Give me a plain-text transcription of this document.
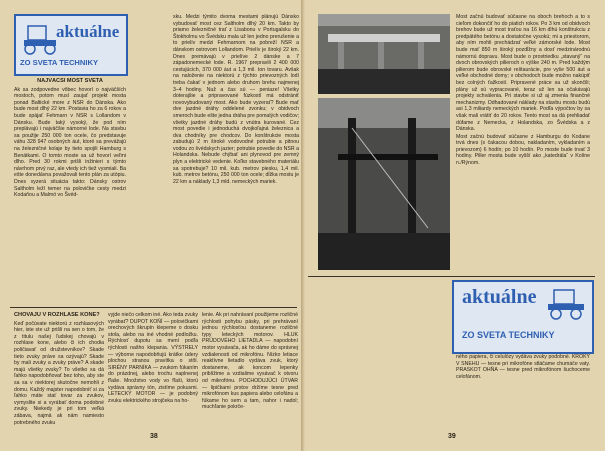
aktuálne
ZO SVETA TECHNIKY
NAJVÄČŠÍ MOST SVETA

Ak sa zodpovedne vôbec hovorí o najväčších mostoch, potom musí zaujať projekt mosta ponad Baltické more z NSR do Dánska. Ako bude most dlhý 22 km. Postavia ho za 6 rokov a bude spájať Fehmarn v NSR s Lollandom v Dánsku. Bude taký vysoký, že pod ním preplávajú i najväčšie námorné lode. Na stavbu sa použije 250 000 ton ocele, čo predstavuje váhu 328 947 osobných áut, ktoré sa prevážajú na železničné kolaje by tieto spojili Hamburg s Benátkami. O tomto moste sa už hovorí veľmi dlho. Pred 30 rokmi prišli inžinieri s týmto návrhom prvý raz, ale vtedy ich tiež vysmiali. Ba ešte donedávna považovali tento plán za utópiu. Dnes vyzerá situácia takto: Dánsky ostrov Saltholm leží temer na polovičke cesty medzi Kodaňou a Malmö vo Švéd-

sku. Medzi týmito dvoma mestami plánujú Dánsko vybudovať most cez Saltholm dlhý 20 km. Takto by priamo železničné trať z Lisabonu v Portugalsku do Štokholmu vo Švédsku mala už len jedno prerušenie a to prielív medzi Fehmarnom na pobreží NSR a dánskom ostrovom Lollandom. Prielív je široký 22 km. Dnes premávajú v prielíve 2 dánske a 7 západonemecké lode. R. 1967 prepravili 2 400 000 cestujúcich, 370 000 áut a 1,3 mil. ton tovaru. Avšak na naloženie na niektorú z týchto prievozných lodí treba čakať v jednom alebo druhom brehu najmenej 3–4 hodiny. Nuž a čas sú — peniaze! Všetky doterajšie a pripravované fúzkostí má odstrániť novovybudovaný most. Ako bude vyzerať? Bude mať dve jazdné dráhy oddelené zvonku; v obidvoch smeroch bude ešte jedna dráha pre pomalých vodičov; všetky jazdné dráhy budú z vnútra kurované. Cez most povedie i jednoduchá dvojkoľajná železnica a dva chodníky pre chodcov. Do konštrukcie mosta zabudujú 2 m široké vodovodné potrubie a pitnou vodou zo švédskych jazier; potrubie povedie do NSR a Holandska. Nebude chýbať ani plynovod pre zemný plyn a elektrické vedenie. Koľko stavebného materiálu sa spotrebuje? 10 mil. kub. metrov piesku, 1,4 mil. kub. metrov betónu, 250 000 ton ocele; dĺžka mostu je 22 km a náklady 1,3 mld. nemeckých mariek.

CHOVAJÚ V ROZHLASE KONE?

Keď počúvate niektorú z rozhlasových hier, iste ste už prišli na sen o tom, že z titulu našej ľudskej chovajú v rozhlase kone, alebo či ich chodia poličiavať od družstevníkov? Skade tieto zvuky práve sa ozývajú? Skade by mali zvuky a zvuky práve? A skade majú všetky zvuky? To všetko sa dá ľahko napodobňovať bez toho, aby ste sa sa v niektorej skutočne nemohli z domu. Každý majster napodobniť si za ľahko máte stať tovar za zvukov, vymyslite si a vyrábať doma podobné zvuky. Niekedy je pri tom veľká zábava, najmä ak nám namiesto potrebného zvuku

vyjde niečo celkom iné. Ako teda zvuky vyrábať? DUPOT KOŇÍ — polovičkami orechových škrupín klepeme o dosku stola, alebo na iné vhodné podložku. Rýchlosť dupotu sa mení podľa rýchlosti našho klepania. VÝSTRELY — výborne napodobňujú krátke údery plochou stranou pravítka o stôl. SIRÉNY PARNÍKA — zvukom fúkaním do prázdnej, alebo trochu naplnenej fľaše. Množstvo vody vo fľaši, ktorú vydáva správny tón, zistíme pokusmi. LETECKÝ MOTOR — je podobný zvuku elektrického strojčeka na ho-

lenie. Ak pri nahrávaní použijeme rozličné rýchlosti pohybu pásky, pri prehrávaní jednou rýchlosťou dostaneme rozličné typy leteckých motorov. HLUK PRÚDOVÉHO LIETADLA — napodobní motor vysávača, ak ho dáme do správnej vzdialenosti od mikrofónu. Nízko letiace reaktívne lietadlo vydáva zvuk, ktorý dostaneme, ak koncom lepenky priblížime a vzdialime vysávač k otvoru od mikrofónu. POCHODUJÚCI ÚTVAR — lipičkami prstov držíme tesne pred mikrofónom kus papiera alebo celofánu a fúkame ho sem a tam, nahor i nadol; muchľanie pokrče-

38

Most začnú budovať súčasne na oboch brehoch a to s cieľom dokončiť ho do piatich rokov. Po 3 km od obidvoch brehov bude už most traťou na 16 km dlhú konštrukciu z predpätého betónu a dostatočne vysokú; mi a priestorom, aby ním mohli prechádzať veľké zámorské lode. Most bude mať 850 m široký pozdĺžny a dosť medzinárodnú námornú dopravu. Most bude o prostriedku „stavaný“ na dvoch obrovských pilieroch o výške 240 m. Pred každým pilierom bude obrovské reštaurácie, pre vyše 500 áut a veľké obchodné domy; v obchodoch bude možno nakúpiť bez colných ťažkostí. Pripravené práce sa už skončili; plány už sú vypracované, teraz už len sa očakávajú projekty schválenia. Pri stavbe si už aj zmenia finančné mechanizmy. Odhadované náklady na stavbu mostu budú asi 1,3 miliardy nemeckých mariek. Podľa výpočtov by sa však mali vrátiť do 20 rokov. Tento most sa dá prehliadať dúfame z Nemecka, z Holandska, zo Švédska a z Dánska.

Most začnú budovať súčasne z Hamburgu do Kodane trvá dnes (s čakacou dobou, nakladaním, vykladaním a prievozom) 6 hodín; po 10 hodín. Po moste bude trvať 3 hodiny. Piller mosta bude vyšší ako „katedrála“ v Kolíne n./Rýnom.

aktuálne
ZO SVETA TECHNIKY

ného papiera, či celulózy vydáva zvuky podobné. KROKY V SNEHU — tesne pri mikrofóne stláčame chumáče vaty. PRASKOT OHŇA — tesne pred mikrofónom šuchoceme celofánom.

39
